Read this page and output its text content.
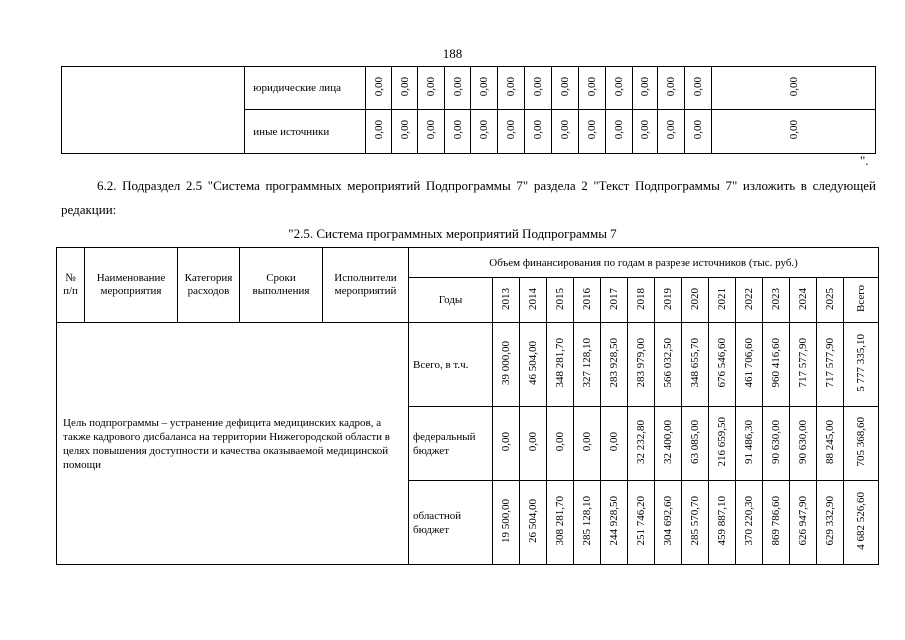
188
	юридические лица	0,00	0,00	0,00	0,00	0,00	0,00	0,00	0,00	0,00	0,00	0,00	0,00	0,00	0,00
	иные источники	0,00	0,00	0,00	0,00	0,00	0,00	0,00	0,00	0,00	0,00	0,00	0,00	0,00	0,00
".

6.2. Подраздел 2.5 "Система программных мероприятий Подпрограммы 7" раздела 2 "Текст Подпрограммы 7" изложить в следующей редакции:

"2.5. Система программных мероприятий Подпрограммы 7
№ п/п	Наименование мероприятия	Категория расходов	Сроки выполнения	Исполнители мероприятий	Объем финансирования по годам в разрезе источников (тыс. руб.)														
					Годы	2013	2014	2015	2016	2017	2018	2019	2020	2021	2022	2023	2024	2025	Всего
Цель подпрограммы – устранение дефицита медицинских кадров, а также кадрового дисбаланса на территории Нижегородской области в целях повышения доступности и качества оказываемой медицинской помощи					Всего, в т.ч.	39 000,00	46 504,00	348 281,70	327 128,10	283 928,50	283 979,00	566 032,50	348 655,70	676 546,60	461 706,60	960 416,60	717 577,90	717 577,90	5 777 335,10
					федеральный бюджет	0,00	0,00	0,00	0,00	0,00	32 232,80	32 400,00	63 085,00	216 659,50	91 486,30	90 630,00	90 630,00	88 245,00	705 368,60
					областной бюджет	19 500,00	26 504,00	308 281,70	285 128,10	244 928,50	251 746,20	304 692,60	285 570,70	459 887,10	370 220,30	869 786,60	626 947,90	629 332,90	4 682 526,60
